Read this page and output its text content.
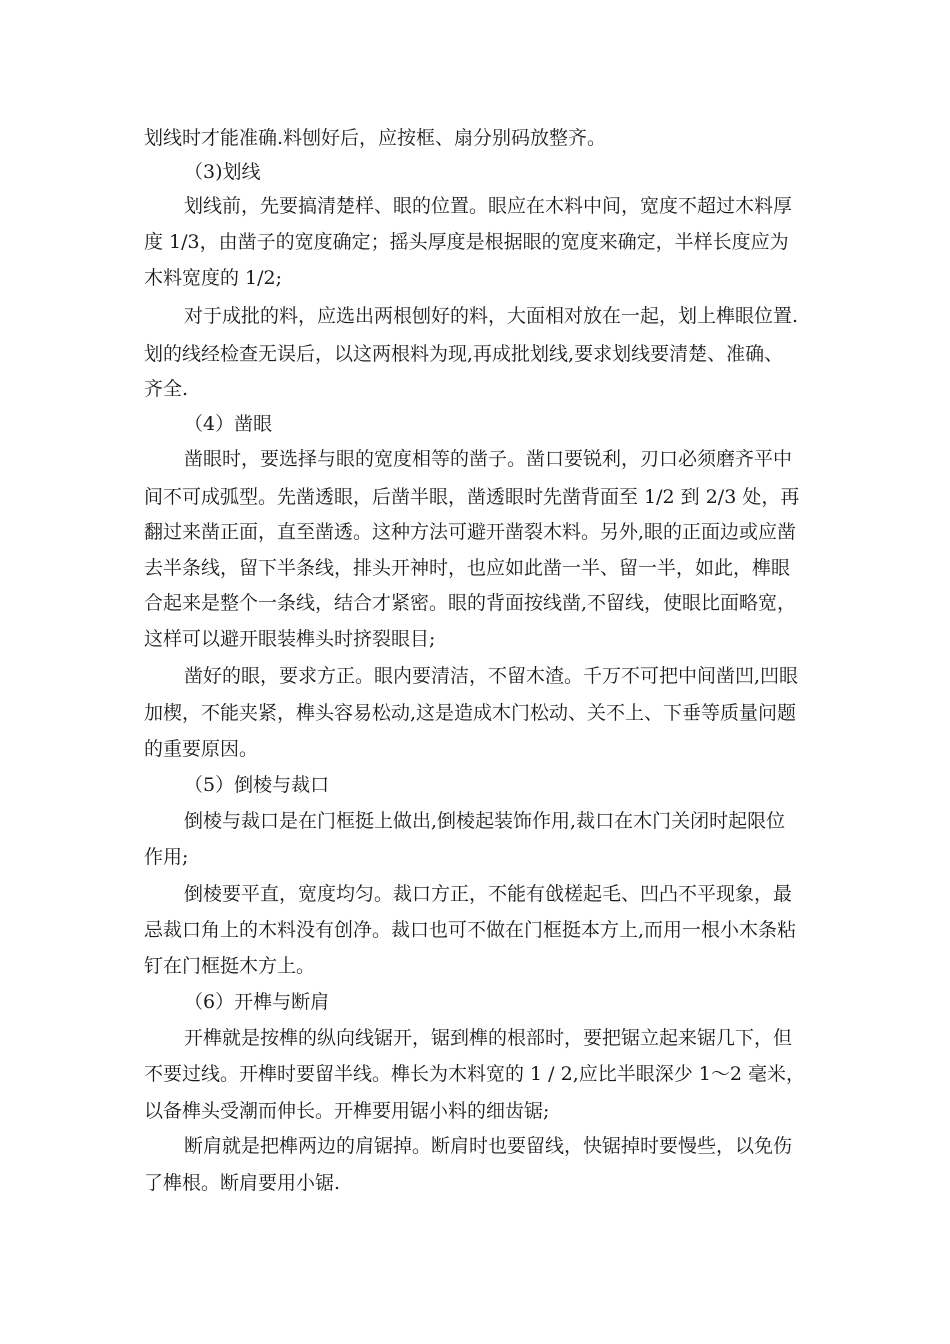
划线时才能准确.料刨好后，应按框、扇分别码放整齐。
（3)划线
划线前，先要搞清楚样、眼的位置。眼应在木料中间，宽度不超过木料厚
度 1/3，由凿子的宽度确定；摇头厚度是根据眼的宽度来确定，半样长度应为
木料宽度的 1/2;
对于成批的料，应选出两根刨好的料，大面相对放在一起，划上榫眼位置.
划的线经检查无误后，以这两根料为现,再成批划线,要求划线要清楚、准确、
齐全.
（4）凿眼
凿眼时，要选择与眼的宽度相等的凿子。凿口要锐利，刃口必须磨齐平中
间不可成弧型。先凿透眼，后凿半眼，凿透眼时先凿背面至 1/2 到 2/3 处，再
翻过来凿正面，直至凿透。这种方法可避开凿裂木料。另外,眼的正面边或应凿
去半条线，留下半条线，排头开神时，也应如此凿一半、留一半，如此，榫眼
合起来是整个一条线，结合才紧密。眼的背面按线凿,不留线，使眼比面略宽，
这样可以避开眼装榫头时挤裂眼目;
凿好的眼，要求方正。眼内要清洁，不留木渣。千万不可把中间凿凹,凹眼
加楔，不能夹紧，榫头容易松动,这是造成木门松动、关不上、下垂等质量问题
的重要原因。
（5）倒棱与裁口
倒棱与裁口是在门框挺上做出,倒棱起装饰作用,裁口在木门关闭时起限位
作用;
倒棱要平直，宽度均匀。裁口方正，不能有戗槎起毛、凹凸不平现象，最
忌裁口角上的木料没有创净。裁口也可不做在门框挺本方上,而用一根小木条粘
钉在门框挺木方上。
（6）开榫与断肩
开榫就是按榫的纵向线锯开，锯到榫的根部时，要把锯立起来锯几下，但
不要过线。开榫时要留半线。榫长为木料宽的 1 / 2,应比半眼深少 1～2 毫米，
以备榫头受潮而伸长。开榫要用锯小料的细齿锯;
断肩就是把榫两边的肩锯掉。断肩时也要留线，快锯掉时要慢些，以免伤
了榫根。断肩要用小锯.
